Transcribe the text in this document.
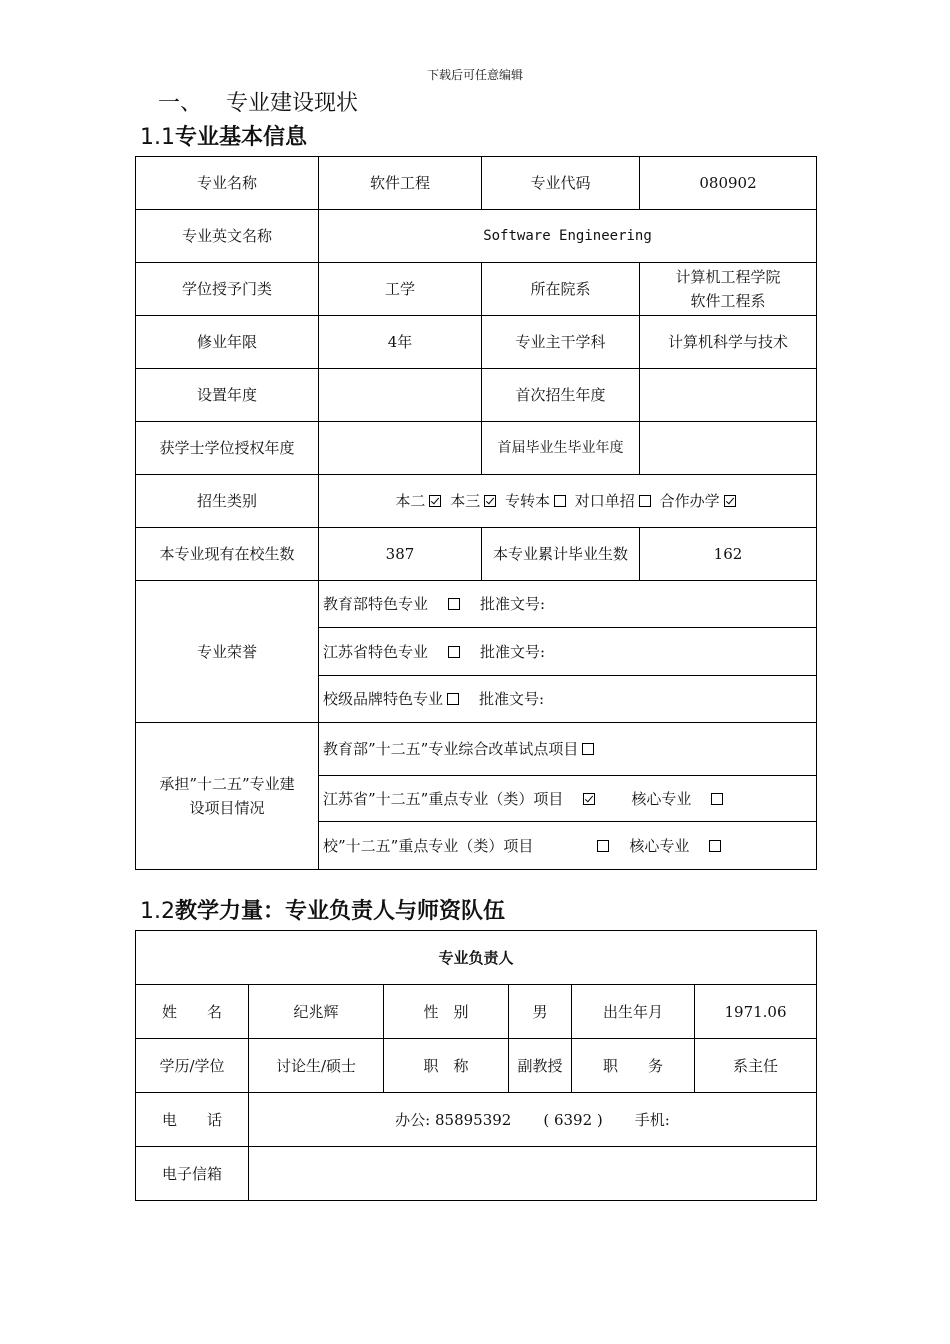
下载后可任意编辑
一、 专业建设现状
1.1专业基本信息
专业名称	软件工程	专业代码	080902
专业英文名称	Software Engineering		
学位授予门类	工学	所在院系	计算机工程学院
软件工程系

修业年限	4年	专业主干学科	计算机科学与技术
设置年度		首次招生年度	
获学士学位授权年度		首届毕业生毕业年度	
招生类别	本二 本三 专转本 对口单招 合作办学		
本专业现有在校生数	387	本专业累计毕业生数	162
专业荣誉	教育部特色专业 批准文号:		
	江苏省特色专业 批准文号:		
	校级品牌特色专业 批准文号:		

承担”十二五”专业建
设项目情况	教育部”十二五”专业综合改革试点项目		
	江苏省”十二五”重点专业（类）项目 核心专业		
	校”十二五”重点专业（类）项目 核心专业		
1.2教学力量：专业负责人与师资队伍
专业负责人					
姓　　名	纪兆辉	性　别	男	出生年月	1971.06
学历/学位	讨论生/硕士	职　称	副教授	职　　务	系主任
电　　话	办公: 85895392 ( 6392 ) 手机:				
电子信箱					
